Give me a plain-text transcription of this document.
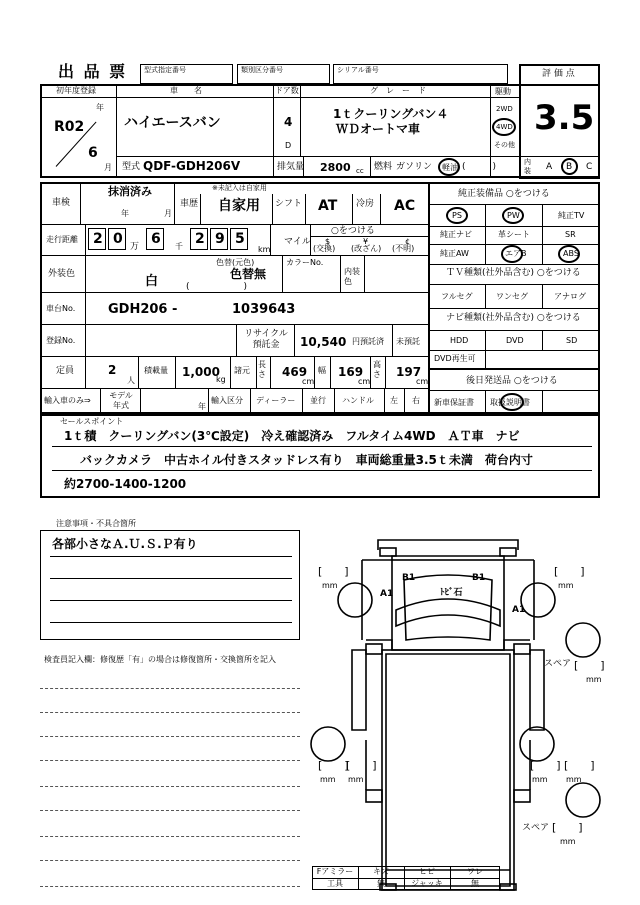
出 品 票 型式指定番号	類別区分番号	シリアル番号	評 価 点
初年度登録
年
R02
6
月
車　　名
ハイエースバン
ドア数
4
D
グ　レ　ー　ド
1ｔクーリングバン４
ＷＤオートマ車
駆動
2WD
4WD
その他
3.5
型式 QDF-GDH206V	排気量 2800 cc 燃料 ガソリン 軽油 (　　　)	内装 A B C
車検
抹消済み
年	月
※未記入は自家用
車歴 自家用 シフト AT 冷房 AC
走行距離 2 0 6 2 9 5
万	千	km
マイル
○をつける
$
(交換)
¥
(改ざん)
¢
(不明)
外装色	白
色替(元色)
色替無
(　　　　　　)
カラーNo.
内装色
車台No.	GDH206 -	1039643
登録No.
リサイクル預託金	10,540 円預託済 未預託
定員	2
人
積載量 1,000
kg
諸元
長さ 469
cm
幅 169
cm
高さ 197
cm
輸入車のみ⇒
モデル年式	年
輸入区分 ディーラー 並行 ハンドル 左 右
純正装備品 ○をつける
PS	PW	純正TV
純正ナビ	革シート	SR
純正AW	エアB	ABS
ＴＶ種類(社外品含む) ○をつける
フルセグ	ワンセグ	アナログ
ナビ種類(社外品含む) ○をつける
HDD	DVD	SD
DVD再生可
後日発送品 ○をつける
新車保証書 取扱説明書
セールスポイント
1ｔ積　クーリングバン(3℃設定)　冷え確認済み　フルタイム4WD　ＡＴ車　ナビ
バックカメラ　中古ホイル付きスタッドレス有り　車両総重量3.5ｔ未満　荷台内寸
約2700-1400-1200
注意事項・不具合箇所
各部小さなＡ.Ｕ.Ｓ.Ｐ有り
検査員記入欄：修復歴「有」の場合は修復箇所・交換箇所を記入
B1	B1
ﾄﾋﾞ石
A1
A1
[　　]
mm
[　　]
mm
スペア [　　]
mm
[　　]
mm
[　　]
mm
[　　]
mm
[　　]
mm
スペア [　　]
mm
Fアミラー	キズ	ヒビ	ワレ
工具	無	ジャッキ	無
